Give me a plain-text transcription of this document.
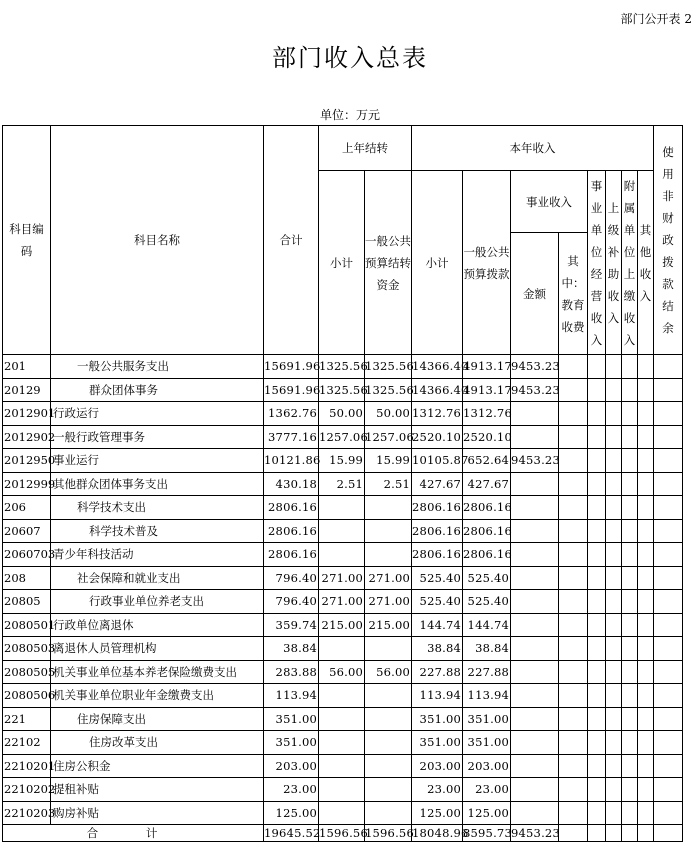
部门公开表 2
部门收入总表
单位：万元
科目编码	科目名称	合计	上年结转		本年收入								使用非财政拨款结余
			小计	一般公共预算结转资金	小计	一般公共预算拨款	事业收入		事业单位经营收入	上级补助收入	附属单位上缴收入	其他收入	
							金额	其中：教育收费					
201	一般公共服务支出	15691.96	1325.56	1325.56	14366.40	4913.17	9453.23						
20129	群众团体事务	15691.96	1325.56	1325.56	14366.40	4913.17	9453.23						
2012901	行政运行	1362.76	50.00	50.00	1312.76	1312.76							
2012902	一般行政管理事务	3777.16	1257.06	1257.06	2520.10	2520.10							
2012950	事业运行	10121.86	15.99	15.99	10105.87	652.64	9453.23						
2012999	其他群众团体事务支出	430.18	2.51	2.51	427.67	427.67							
206	科学技术支出	2806.16			2806.16	2806.16							
20607	科学技术普及	2806.16			2806.16	2806.16							
2060703	青少年科技活动	2806.16			2806.16	2806.16							
208	社会保障和就业支出	796.40	271.00	271.00	525.40	525.40							
20805	行政事业单位养老支出	796.40	271.00	271.00	525.40	525.40							
2080501	行政单位离退休	359.74	215.00	215.00	144.74	144.74							
2080503	离退休人员管理机构	38.84			38.84	38.84							
2080505	机关事业单位基本养老保险缴费支出	283.88	56.00	56.00	227.88	227.88							
2080506	机关事业单位职业年金缴费支出	113.94			113.94	113.94							
221	住房保障支出	351.00			351.00	351.00							
22102	住房改革支出	351.00			351.00	351.00							
2210201	住房公积金	203.00			203.00	203.00							
2210202	提租补贴	23.00			23.00	23.00							
2210203	购房补贴	125.00			125.00	125.00							
合 计		19645.52	1596.56	1596.56	18048.96	8595.73	9453.23						
